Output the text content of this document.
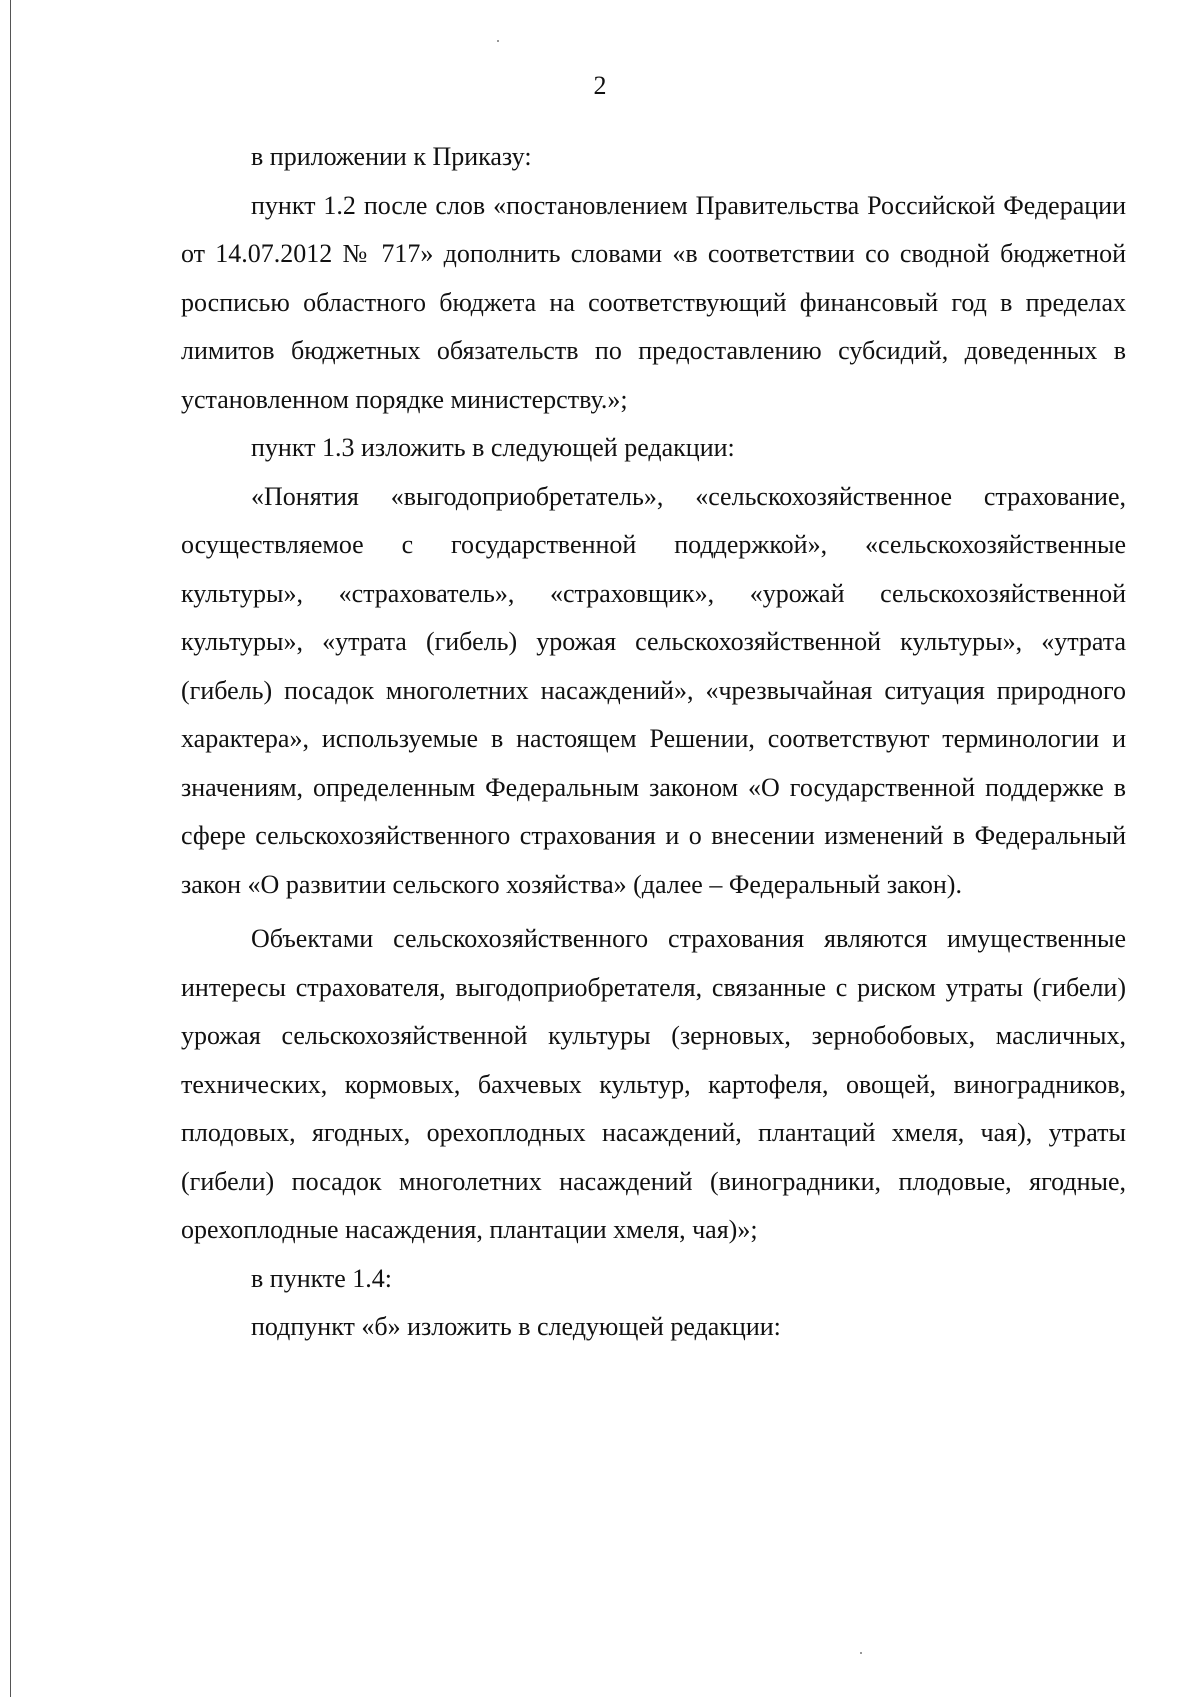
2

в приложении к Приказу:

пункт 1.2 после слов «постановлением Правительства Российской Федерации от 14.07.2012 № 717» дополнить словами «в соответствии со сводной бюджетной росписью областного бюджета на соответствующий финансовый год в пределах лимитов бюджетных обязательств по предоставлению субсидий, доведенных в установленном порядке министерству.»;

пункт 1.3 изложить в следующей редакции:

«Понятия «выгодоприобретатель», «сельскохозяйственное страхование, осуществляемое с государственной поддержкой», «сельскохозяйственные культуры», «страхователь», «страховщик», «урожай сельскохозяйственной культуры», «утрата (гибель) урожая сельскохозяйственной культуры», «утрата (гибель) посадок многолетних насаждений», «чрезвычайная ситуация природного характера», используемые в настоящем Решении, соответствуют терминологии и значениям, определенным Федеральным законом «О государственной поддержке в сфере сельскохозяйственного страхования и о внесении изменений в Федеральный закон «О развитии сельского хозяйства» (далее – Федеральный закон).

Объектами сельскохозяйственного страхования являются имущественные интересы страхователя, выгодоприобретателя, связанные с риском утраты (гибели) урожая сельскохозяйственной культуры (зерновых, зернобобовых, масличных, технических, кормовых, бахчевых культур, картофеля, овощей, виноградников, плодовых, ягодных, орехоплодных насаждений, плантаций хмеля, чая), утраты (гибели) посадок многолетних насаждений (виноградники, плодовые, ягодные, орехоплодные насаждения, плантации хмеля, чая)»;

в пункте 1.4:

подпункт «б» изложить в следующей редакции:
